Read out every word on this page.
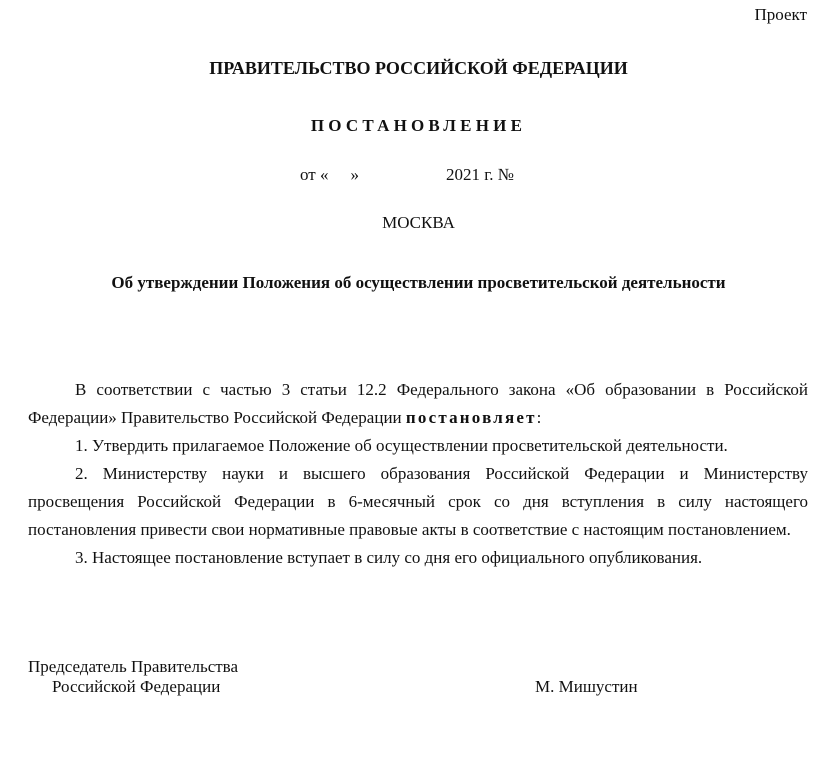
Проект
ПРАВИТЕЛЬСТВО РОССИЙСКОЙ ФЕДЕРАЦИИ
ПОСТАНОВЛЕНИЕ
от « »	2021 г. №
МОСКВА
Об утверждении Положения об осуществлении просветительской деятельности

В соответствии с частью 3 статьи 12.2 Федерального закона «Об образовании в Российской Федерации» Правительство Российской Федерации постановляет:

1. Утвердить прилагаемое Положение об осуществлении просветительской деятельности.

2. Министерству науки и высшего образования Российской Федерации и Министерству просвещения Российской Федерации в 6-месячный срок со дня вступления в силу настоящего постановления привести свои нормативные правовые акты в соответствие с настоящим постановлением.

3. Настоящее постановление вступает в силу со дня его официального опубликования.

Председатель Правительства
Российской Федерации	М. Мишустин
